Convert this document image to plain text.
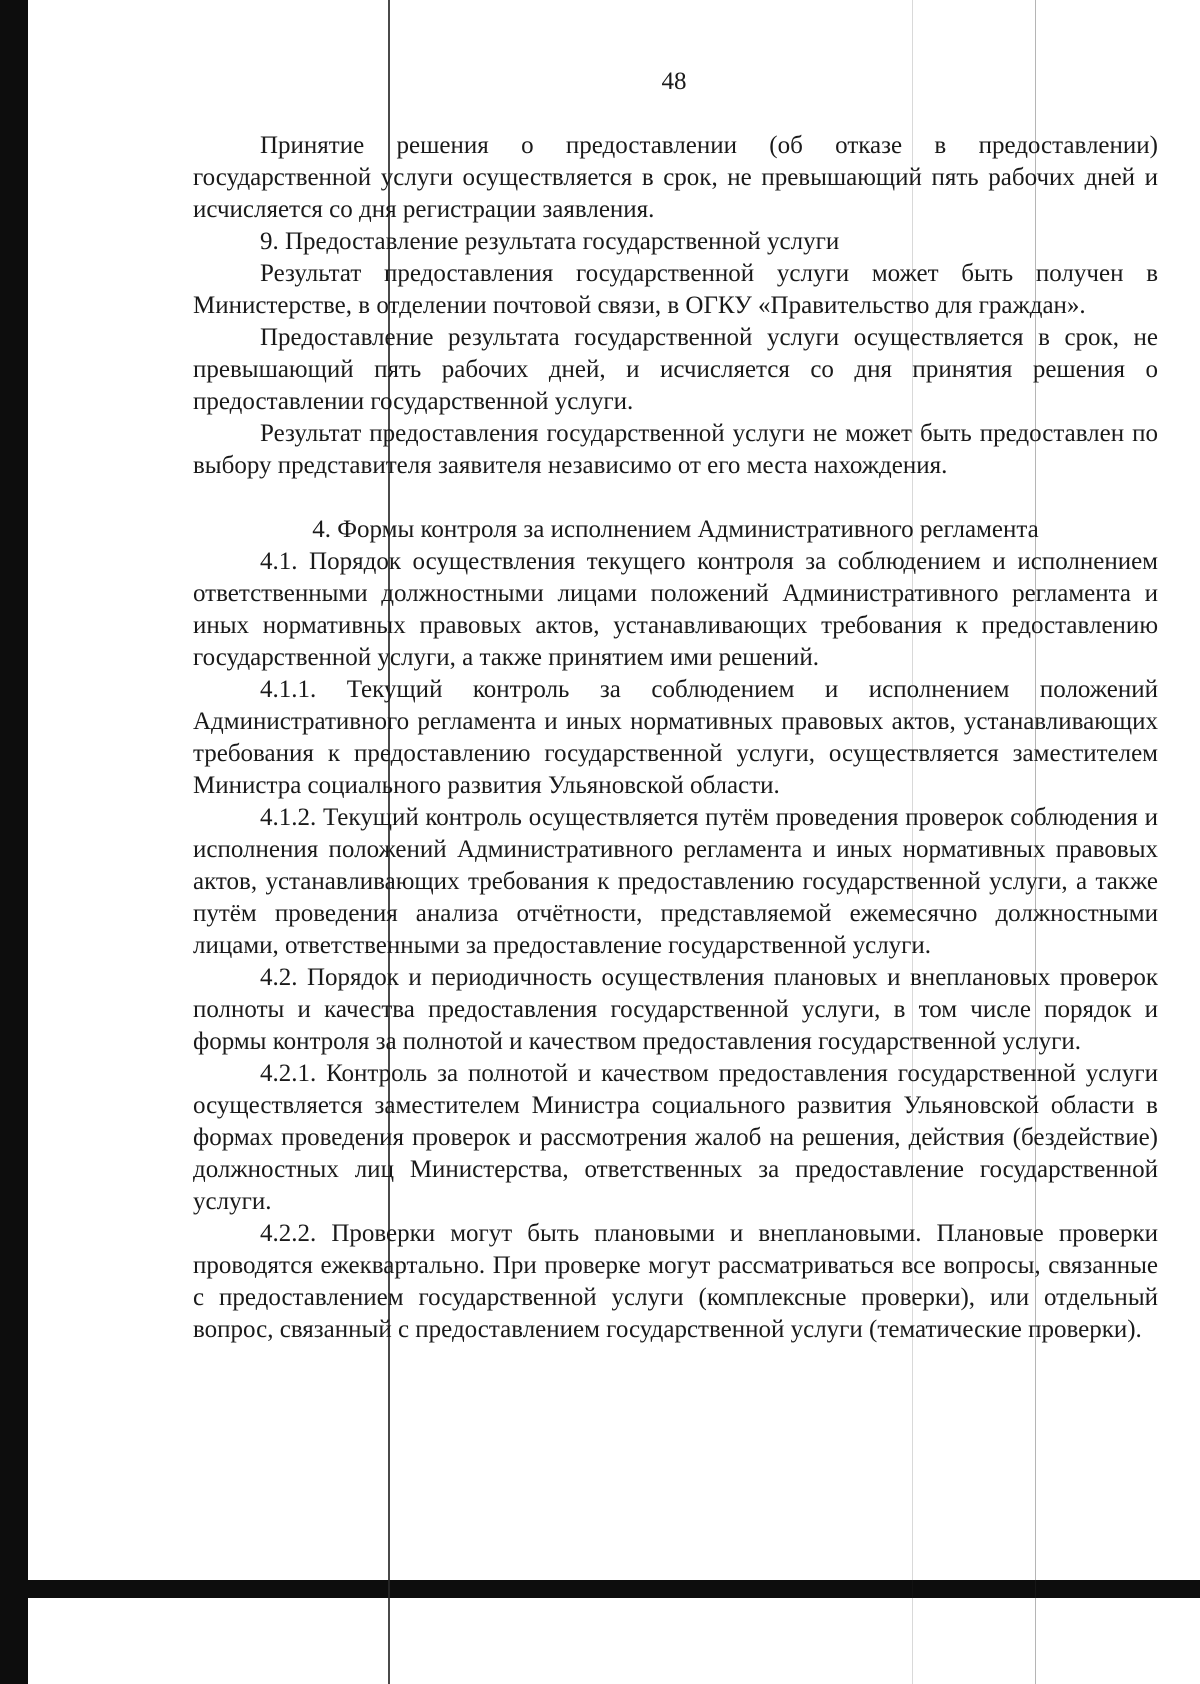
48

Принятие решения о предоставлении (об отказе в предоставлении) государственной услуги осуществляется в срок, не превышающий пять рабочих дней и исчисляется со дня регистрации заявления.

9. Предоставление результата государственной услуги

Результат предоставления государственной услуги может быть получен в Министерстве, в отделении почтовой связи, в ОГКУ «Правительство для граждан».

Предоставление результата государственной услуги осуществляется в срок, не превышающий пять рабочих дней, и исчисляется со дня принятия решения о предоставлении государственной услуги.

Результат предоставления государственной услуги не может быть предоставлен по выбору представителя заявителя независимо от его места нахождения.

4. Формы контроля за исполнением Административного регламента

4.1. Порядок осуществления текущего контроля за соблюдением и исполнением ответственными должностными лицами положений Административного регламента и иных нормативных правовых актов, устанавливающих требования к предоставлению государственной услуги, а также принятием ими решений.

4.1.1. Текущий контроль за соблюдением и исполнением положений Административного регламента и иных нормативных правовых актов, устанавливающих требования к предоставлению государственной услуги, осуществляется заместителем Министра социального развития Ульяновской области.

4.1.2. Текущий контроль осуществляется путём проведения проверок соблюдения и исполнения положений Административного регламента и иных нормативных правовых актов, устанавливающих требования к предоставлению государственной услуги, а также путём проведения анализа отчётности, представляемой ежемесячно должностными лицами, ответственными за предоставление государственной услуги.

4.2. Порядок и периодичность осуществления плановых и внеплановых проверок полноты и качества предоставления государственной услуги, в том числе порядок и формы контроля за полнотой и качеством предоставления государственной услуги.

4.2.1. Контроль за полнотой и качеством предоставления государственной услуги осуществляется заместителем Министра социального развития Ульяновской области в формах проведения проверок и рассмотрения жалоб на решения, действия (бездействие) должностных лиц Министерства, ответственных за предоставление государственной услуги.

4.2.2. Проверки могут быть плановыми и внеплановыми. Плановые проверки проводятся ежеквартально. При проверке могут рассматриваться все вопросы, связанные с предоставлением государственной услуги (комплексные проверки), или отдельный вопрос, связанный с предоставлением государственной услуги (тематические проверки).
